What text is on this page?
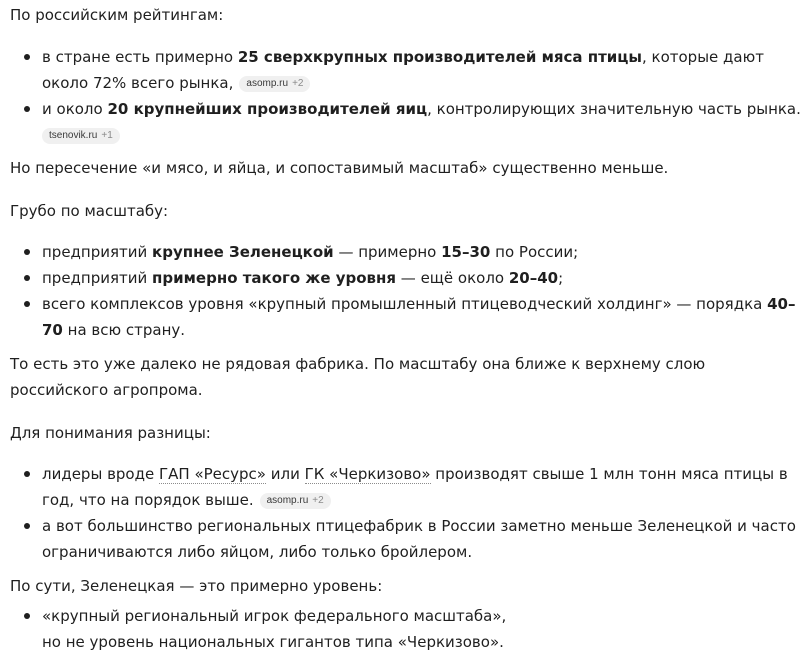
По российским рейтингам:

в стране есть примерно 25 сверхкрупных производителей мяса птицы, которые дают около 72% всего рынка, asomp.ru +2
и около 20 крупнейших производителей яиц, контролирующих значительную часть рынка.
tsenovik.ru +1

Но пересечение «и мясо, и яйца, и сопоставимый масштаб» существенно меньше.

Грубо по масштабу:

предприятий крупнее Зеленецкой — примерно 15–30 по России;
предприятий примерно такого же уровня — ещё около 20–40;
всего комплексов уровня «крупный промышленный птицеводческий холдинг» — порядка 40–70 на всю страну.

То есть это уже далеко не рядовая фабрика. По масштабу она ближе к верхнему слою российского агропрома.

Для понимания разницы:

лидеры вроде ГАП «Ресурс» или ГК «Черкизово» производят свыше 1 млн тонн мяса птицы в год, что на порядок выше. asomp.ru +2
а вот большинство региональных птицефабрик в России заметно меньше Зеленецкой и часто ограничиваются либо яйцом, либо только бройлером.

По сути, Зеленецкая — это примерно уровень:

«крупный региональный игрок федерального масштаба»,
но не уровень национальных гигантов типа «Черкизово».
